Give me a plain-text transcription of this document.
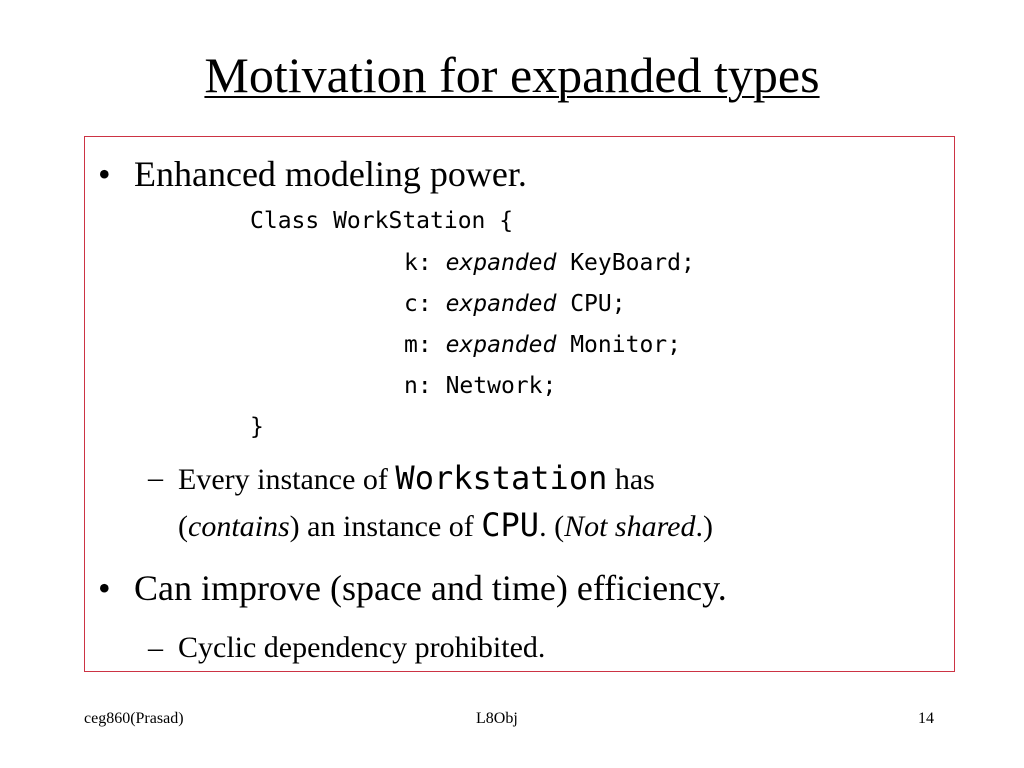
Motivation for expanded types
• Enhanced modeling power.
Class WorkStation {
k: expanded KeyBoard;
c: expanded CPU;
m: expanded Monitor;
n: Network;
}
– Every instance of Workstation has
(contains) an instance of CPU. (Not shared.)
• Can improve (space and time) efficiency.
– Cyclic dependency prohibited.
ceg860(Prasad)	L8Obj	14
